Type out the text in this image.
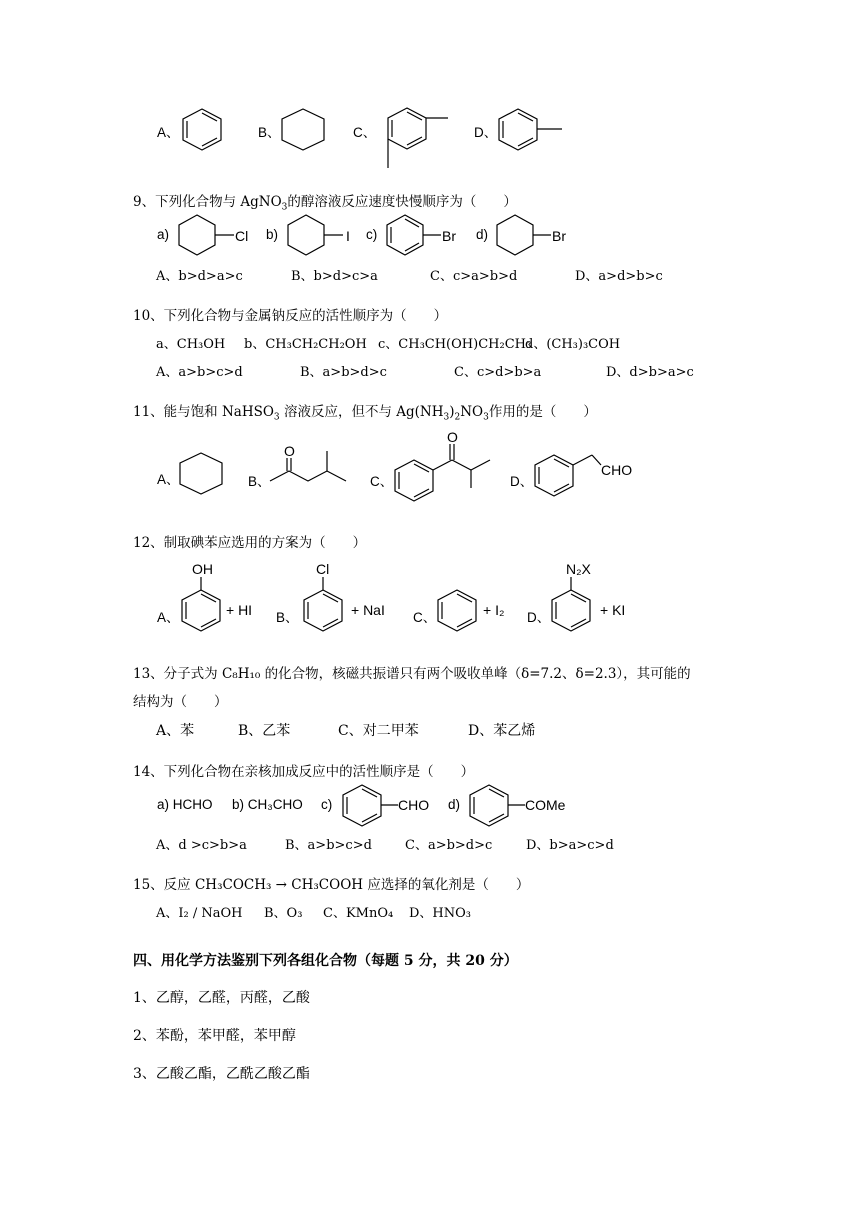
A、	B、	C、	D、
9、下列化合物与 AgNO$_3$的醇溶液反应速度快慢顺序为（　　）
a)	Cl b)	I c)	Br d)	Br
A、b>d>a>c	B、b>d>c>a	C、c>a>b>d	D、a>d>b>c
10、下列化合物与金属钠反应的活性顺序为（　　）
a、CH₃OH b、CH₃CH₂CH₂OH c、CH₃CH(OH)CH₂CH₃
d、(CH₃)₃COH
A、a>b>c>d	B、a>b>d>c	C、c>d>b>a	D、d>b>a>c
11、能与饱和 NaHSO$_3$ 溶液反应，但不与 $Ag(NH_3)_2NO_3$作用的是（　　）
A、	B、
O
C、
O
D、
CHO
12、制取碘苯应选用的方案为（　　）
A、
OH
+ HI B、
Cl
+ NaI C、	+ I₂ D、
N₂X
+ KI
13、分子式为 C₈H₁₀ 的化合物，核磁共振谱只有两个吸收单峰（δ=7.2、δ=2.3），其可能的
结构为（　　）
A、苯	B、乙苯	C、对二甲苯	D、苯乙烯
14、下列化合物在亲核加成反应中的活性顺序是（　　）
a) HCHO b) CH₃CHO c)	CHO d)	COMe
A、d >c>b>a	B、a>b>c>d	C、a>b>d>c	D、b>a>c>d
15、反应 CH₃COCH₃ → CH₃COOH 应选择的氧化剂是（　　）
A、I₂ / NaOH B、O₃ C、KMnO₄ D、HNO₃
四、用化学方法鉴别下列各组化合物（每题 5 分，共 20 分）
1、乙醇，乙醛，丙醛，乙酸
2、苯酚，苯甲醛，苯甲醇
3、乙酸乙酯，乙酰乙酸乙酯
